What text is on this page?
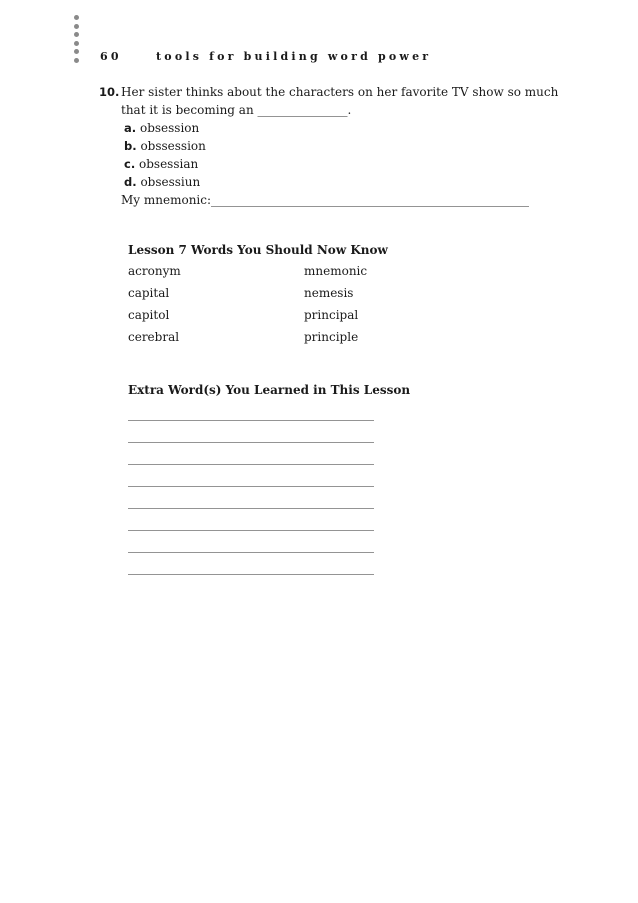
60	tools for building word power
10. Her sister thinks about the characters on her favorite TV show so much
that it is becoming an _______________.
a. obsession
b. obssession
c. obsessian
d. obsessiun
My mnemonic:_____________________________________________________
Lesson 7 Words You Should Now Know
acronym	mnemonic
capital	nemesis
capitol	principal
cerebral	principle
Extra Word(s) You Learned in This Lesson
_________________________________________
_________________________________________
_________________________________________
_________________________________________
_________________________________________
_________________________________________
_________________________________________
_________________________________________
